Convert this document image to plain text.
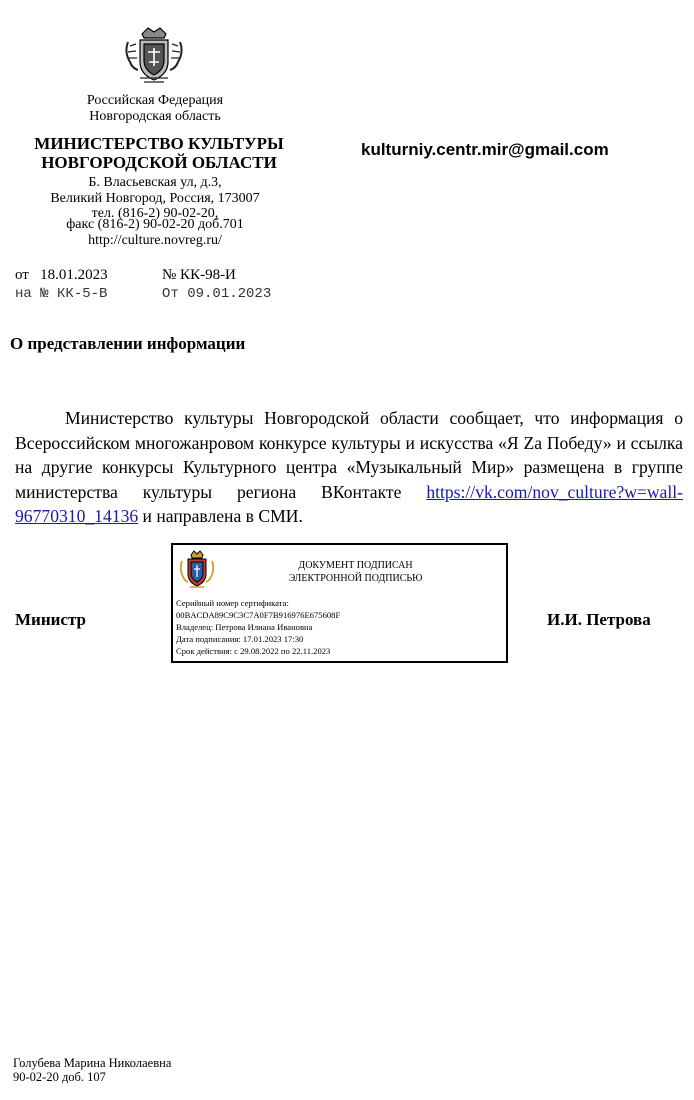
Российская Федерация
Новгородская область
МИНИСТЕРСТВО КУЛЬТУРЫ
НОВГОРОДСКОЙ ОБЛАСТИ
Б. Власьевская ул, д.3,
Великий Новгород, Россия, 173007
тел. (816-2) 90-02-20,
факс (816-2) 90-02-20 доб.701
http://culture.novreg.ru/
kulturniy.centr.mir@gmail.com
от 18.01.2023	№ КК-98-И
на № КК-5-В	От 09.01.2023
О представлении информации
Министерство культуры Новгородской области сообщает, что информация о Всероссийском многожанровом конкурсе культуры и искусства «Я Zа Победу» и ссылка на другие конкурсы Культурного центра «Музыкальный Мир» размещена в группе министерства культуры региона ВКонтакте https://vk.com/nov_culture?w=wall-96770310_14136 и направлена в СМИ.
Министр	И.И. Петрова
ДОКУМЕНТ ПОДПИСАН
ЭЛЕКТРОННОЙ ПОДПИСЬЮ
Серийный номер сертификата:
00BACDA89C9C3C7A0F7B916976E675608F
Владелец: Петрова Илиана Ивановна
Дата подписания: 17.01.2023 17:30
Срок действия: с 29.08.2022 по 22.11.2023
Голубева Марина Николаевна
90-02-20 доб. 107
